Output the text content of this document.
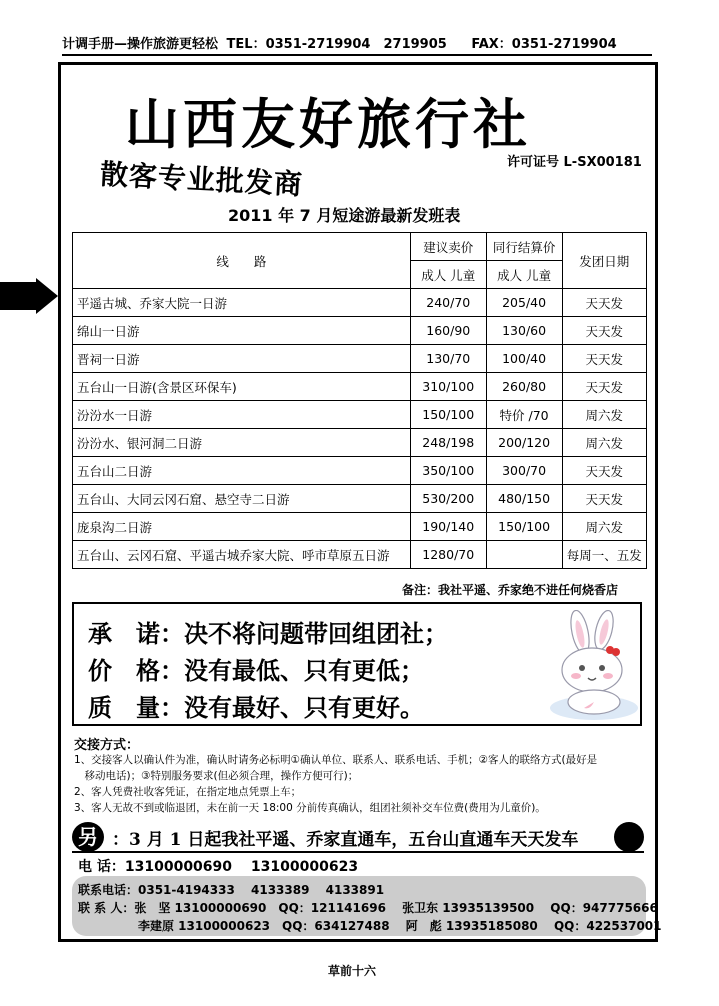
计调手册—操作旅游更轻松 TEL：0351-2719904　2719905 FAX：0351-2719904
山西友好旅行社
散客专业批发商	许可证号 L-SX00181
2011 年 7 月短途游最新发班表
线　　路	建议卖价	同行结算价	发团日期
	成人 儿童	成人 儿童	
平遥古城、乔家大院一日游	240/70	205/40	天天发
绵山一日游	160/90	130/60	天天发
晋祠一日游	130/70	100/40	天天发
五台山一日游(含景区环保车)	310/100	260/80	天天发
汾汾水一日游	150/100	特价 /70	周六发
汾汾水、银河洞二日游	248/198	200/120	周六发
五台山二日游	350/100	300/70	天天发
五台山、大同云冈石窟、悬空寺二日游	530/200	480/150	天天发
庞泉沟二日游	190/140	150/100	周六发
五台山、云冈石窟、平遥古城乔家大院、呼市草原五日游	1280/70		每周一、五发
备注：我社平遥、乔家绝不进任何烧香店
承　诺：决不将问题带回组团社；
价　格：没有最低、只有更低；
质　量：没有最好、只有更好。
交接方式：
1、交接客人以确认件为准，确认时请务必标明①确认单位、联系人、联系电话、手机；②客人的联络方式(最好是
　移动电话)；③特别服务要求(但必须合理，操作方便可行)；
2、客人凭费社收客凭证，在指定地点凭票上车；
3、客人无故不到或临退团，未在前一天 18:00 分前传真确认，组团社须补交车位费(费用为儿童价)。
另 ：3 月 1 日起我社平遥、乔家直通车，五台山直通车天天发车
电 话：13100000690　 13100000623
联系电话：0351-4194333　 4133389　 4133891
联 系 人：张　坚 13100000690　QQ：121141696　 张卫东 13935139500　 QQ：947775666
　　　　　李建原 13100000623　QQ：634127488　 阿　彪 13935185080　 QQ：422537001
草前十六
